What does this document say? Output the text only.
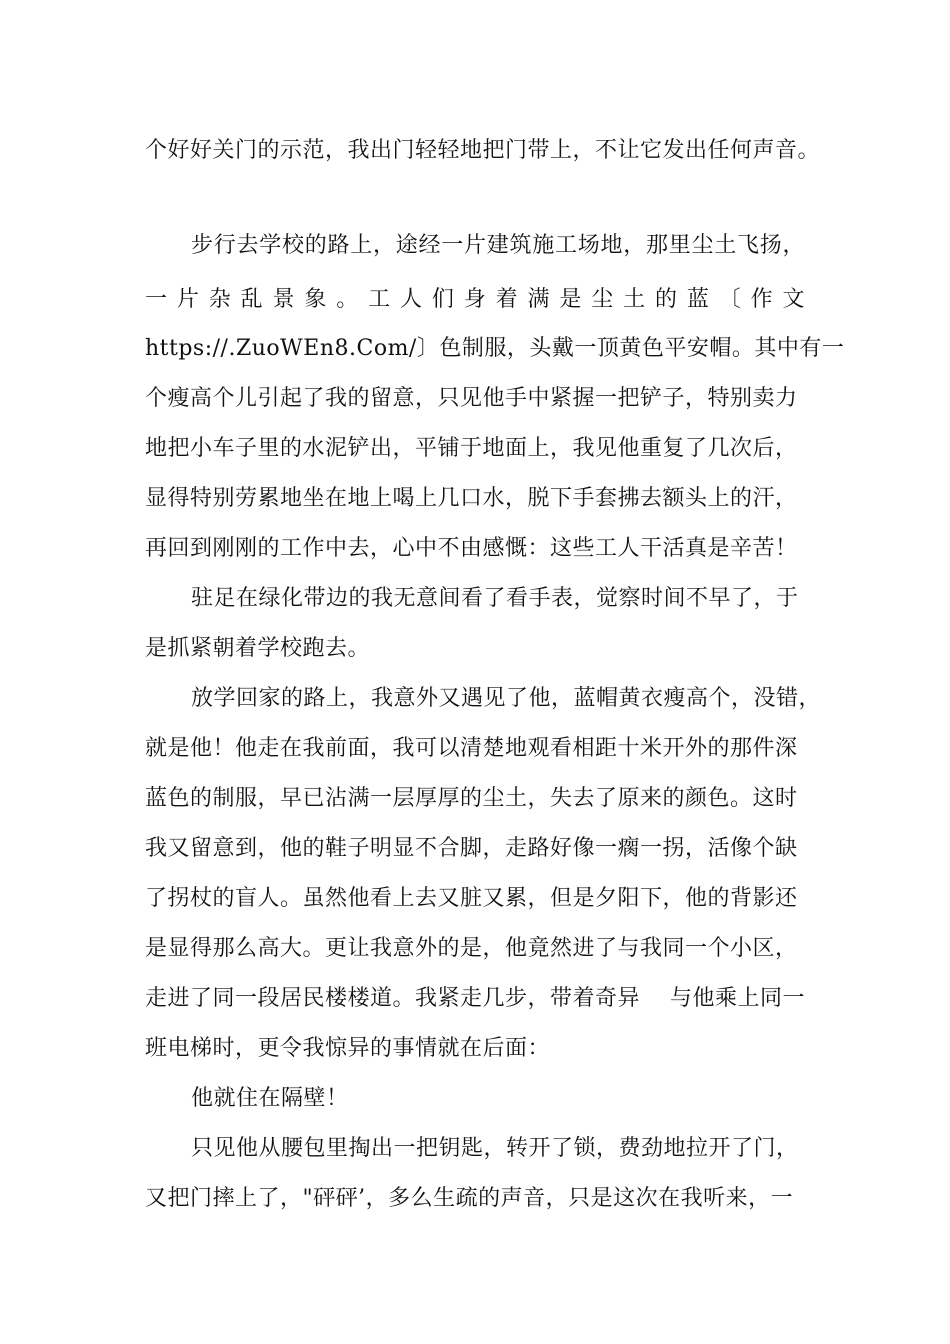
个好好关门的示范，我出门轻轻地把门带上，不让它发出任何声音。
步行去学校的路上，途经一片建筑施工场地，那里尘土飞扬，
一片杂乱景象。工人们身着满是尘土的蓝〔作文
https://.ZuoWEn8.Com/〕色制服，头戴一顶黄色平安帽。其中有一
个瘦高个儿引起了我的留意，只见他手中紧握一把铲子，特别卖力
地把小车子里的水泥铲出，平铺于地面上，我见他重复了几次后，
显得特别劳累地坐在地上喝上几口水，脱下手套拂去额头上的汗，
再回到刚刚的工作中去，心中不由感慨：这些工人干活真是辛苦！
驻足在绿化带边的我无意间看了看手表，觉察时间不早了，于
是抓紧朝着学校跑去。
放学回家的路上，我意外又遇见了他，蓝帽黄衣瘦高个，没错，
就是他！他走在我前面，我可以清楚地观看相距十米开外的那件深
蓝色的制服，早已沾满一层厚厚的尘土，失去了原来的颜色。这时
我又留意到，他的鞋子明显不合脚，走路好像一瘸一拐，活像个缺
了拐杖的盲人。虽然他看上去又脏又累，但是夕阳下，他的背影还
是显得那么高大。更让我意外的是，他竟然进了与我同一个小区，
走进了同一段居民楼楼道。我紧走几步，带着奇异　 与他乘上同一
班电梯时，更令我惊异的事情就在后面：
他就住在隔壁！
只见他从腰包里掏出一把钥匙，转开了锁，费劲地拉开了门，
又把门摔上了，"砰砰’，多么生疏的声音，只是这次在我听来，一
